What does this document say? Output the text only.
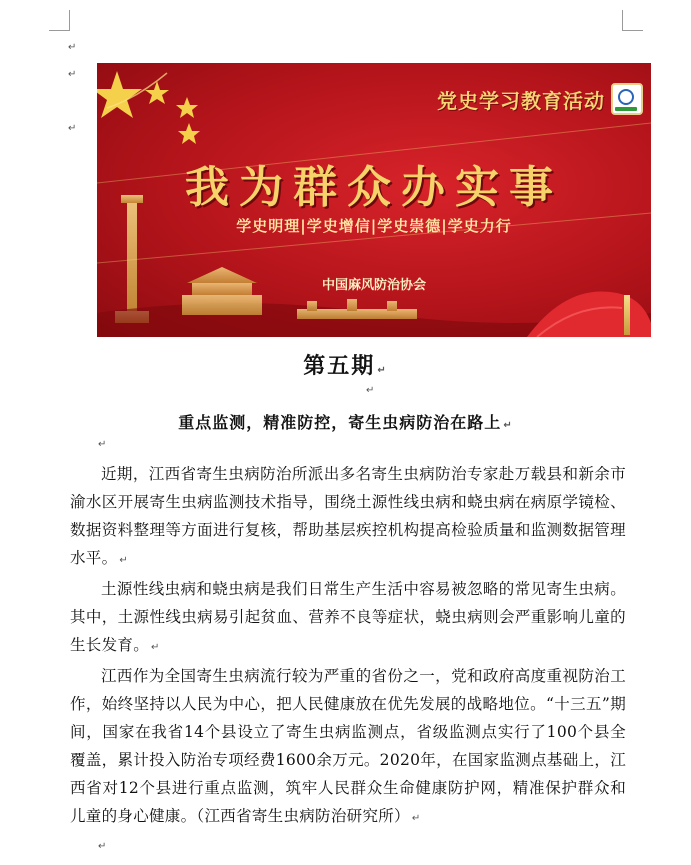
↵
↵
↵
党史学习教育活动
我为群众办实事
学史明理|学史增信|学史崇德|学史力行
中国麻风防治协会
第五期 ↵
↵
重点监测，精准防控，寄生虫病防治在路上 ↵
↵

近期，江西省寄生虫病防治所派出多名寄生虫病防治专家赴万载县和新余市渝水区开展寄生虫病监测技术指导，围绕土源性线虫病和蛲虫病在病原学镜检、数据资料整理等方面进行复核，帮助基层疾控机构提高检验质量和监测数据管理水平。 ↵

土源性线虫病和蛲虫病是我们日常生产生活中容易被忽略的常见寄生虫病。其中，土源性线虫病易引起贫血、营养不良等症状，蛲虫病则会严重影响儿童的生长发育。 ↵

江西作为全国寄生虫病流行较为严重的省份之一，党和政府高度重视防治工作，始终坚持以人民为中心，把人民健康放在优先发展的战略地位。“十三五”期间，国家在我省14个县设立了寄生虫病监测点，省级监测点实行了100个县全覆盖，累计投入防治专项经费1600余万元。2020年，在国家监测点基础上，江西省对12个县进行重点监测，筑牢人民群众生命健康防护网，精准保护群众和儿童的身心健康。（江西省寄生虫病防治研究所） ↵

↵
